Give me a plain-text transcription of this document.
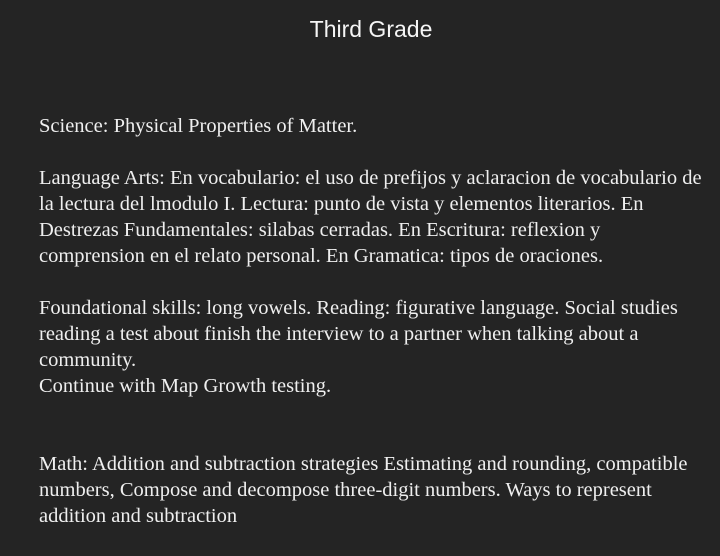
Third Grade

Science: Physical Properties of Matter.

Language Arts: En vocabulario: el uso de prefijos y aclaracion de vocabulario de la lectura del lmodulo I. Lectura: punto de vista y elementos literarios. En Destrezas Fundamentales: silabas cerradas. En Escritura: reflexion y comprension en el relato personal. En Gramatica: tipos de oraciones.

Foundational skills: long vowels. Reading: figurative language. Social studies reading a test about finish the interview to a partner when talking about a community.

Continue with Map Growth testing.

Math: Addition and subtraction strategies Estimating and rounding, compatible numbers, Compose and decompose three-digit numbers. Ways to represent addition and subtraction
